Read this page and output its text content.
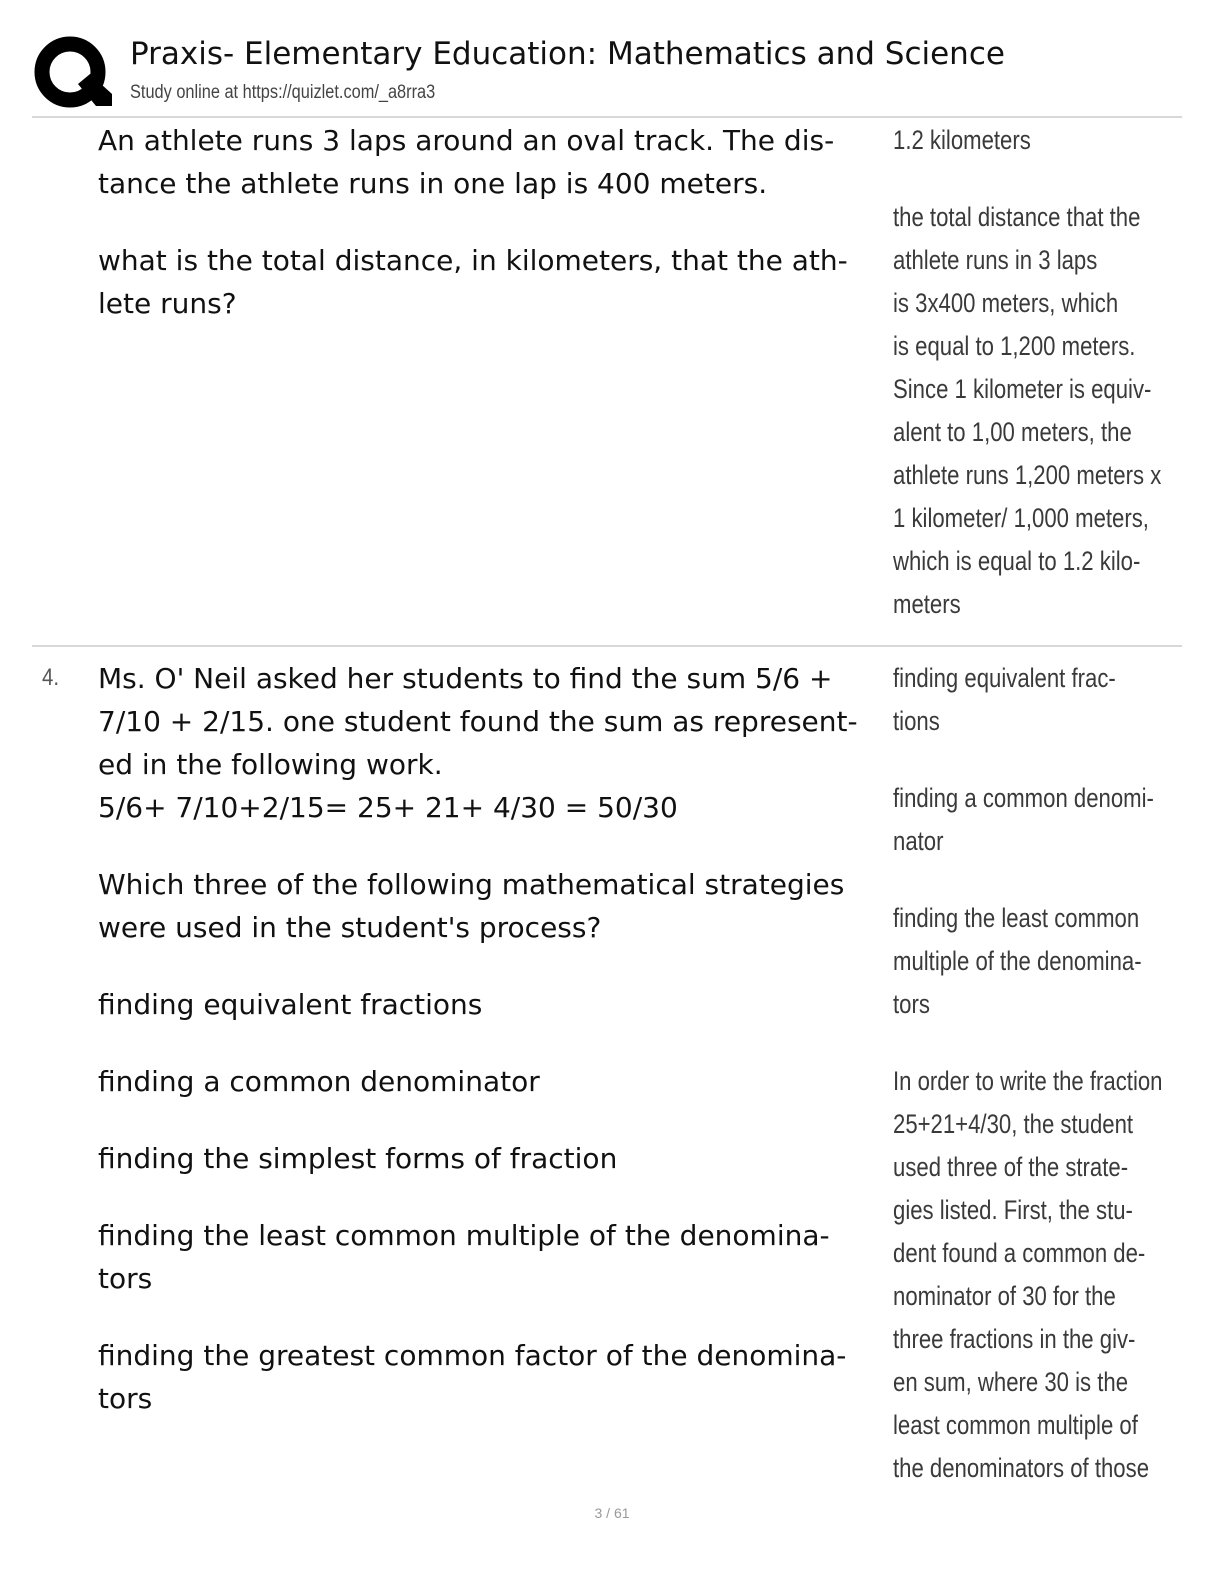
Praxis- Elementary Education: Mathematics and Science
Study online at https://quizlet.com/_a8rra3

An athlete runs 3 laps around an oval track. The dis-
tance the athlete runs in one lap is 400 meters.

what is the total distance, in kilometers, that the ath-
lete runs?

1.2 kilometers

the total distance that the
athlete runs in 3 laps
is 3x400 meters, which
is equal to 1,200 meters.
Since 1 kilometer is equiv-
alent to 1,00 meters, the
athlete runs 1,200 meters x
1 kilometer/ 1,000 meters,
which is equal to 1.2 kilo-
meters

4. Ms. O' Neil asked her students to find the sum 5/6 +
7/10 + 2/15. one student found the sum as represent-
ed in the following work.
5/6+ 7/10+2/15= 25+ 21+ 4/30 = 50/30

Which three of the following mathematical strategies
were used in the student's process?

finding equivalent fractions

finding a common denominator

finding the simplest forms of fraction

finding the least common multiple of the denomina-
tors

finding the greatest common factor of the denomina-
tors

finding equivalent frac-
tions

finding a common denomi-
nator

finding the least common
multiple of the denomina-
tors

In order to write the fraction
25+21+4/30, the student
used three of the strate-
gies listed. First, the stu-
dent found a common de-
nominator of 30 for the
three fractions in the giv-
en sum, where 30 is the
least common multiple of
the denominators of those

3 / 61
